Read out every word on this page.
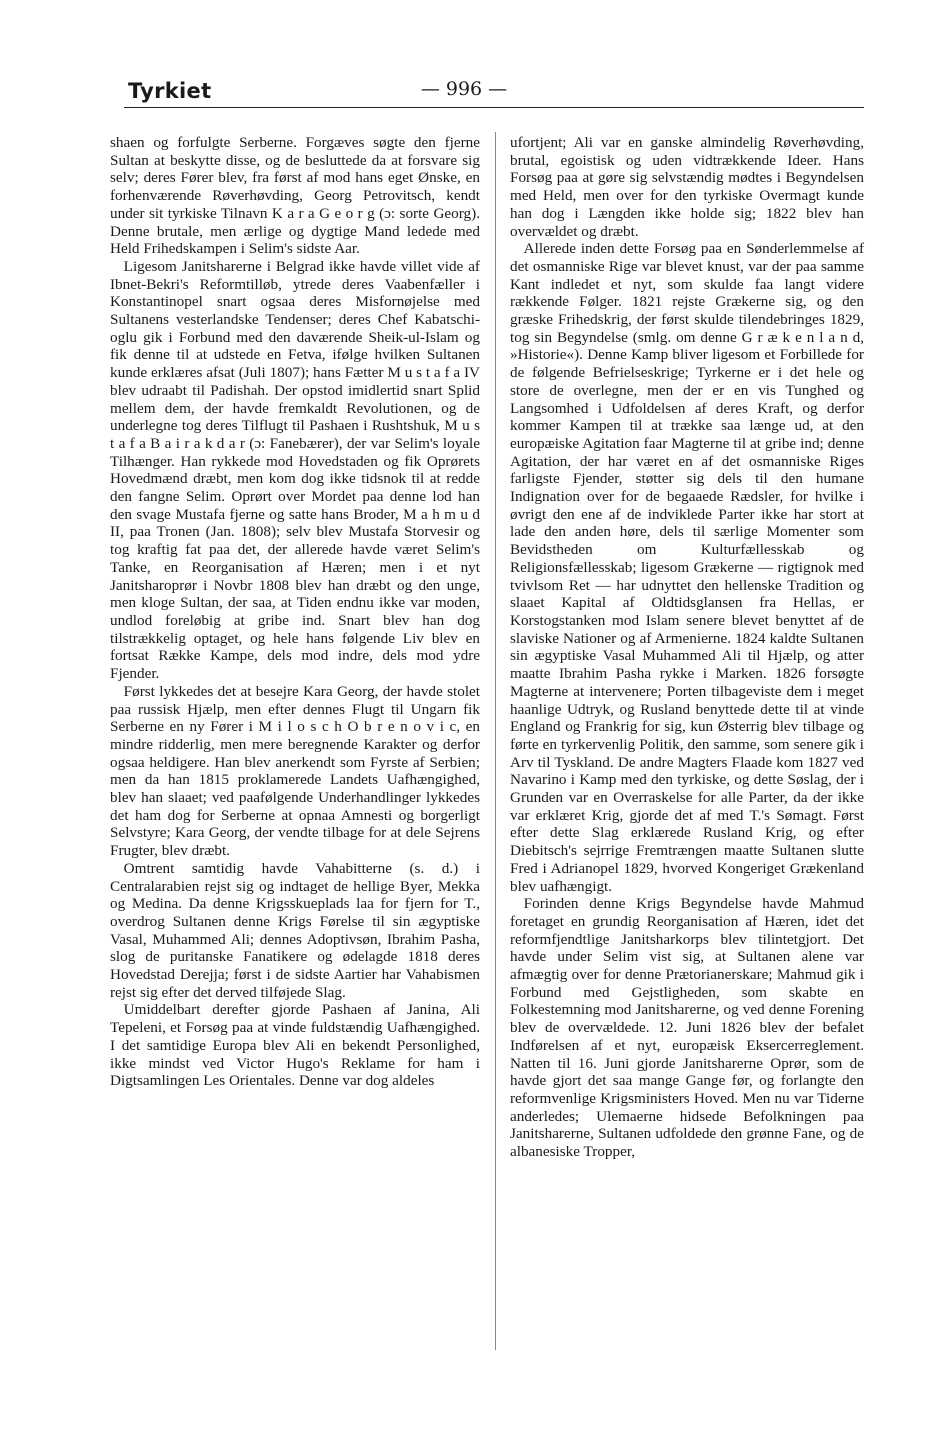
Tyrkiet	— 996 —

shaen og forfulgte Serberne. Forgæves søgte den fjerne Sultan at beskytte disse, og de besluttede da at forsvare sig selv; deres Fører blev, fra først af mod hans eget Ønske, en forhenværende Røverhøvding, Georg Petrovitsch, kendt under sit tyrkiske Tilnavn K a r a G e o r g (ɔ: sorte Georg). Denne brutale, men ærlige og dygtige Mand ledede med Held Frihedskampen i Selim's sidste Aar.

Ligesom Janitsharerne i Belgrad ikke havde villet vide af Ibnet-Bekri's Reformtilløb, ytrede deres Vaabenfæller i Konstantinopel snart ogsaa deres Misfornøjelse med Sultanens vesterlandske Tendenser; deres Chef Kabatschi-oglu gik i Forbund med den daværende Sheik-ul-Islam og fik denne til at udstede en Fetva, ifølge hvilken Sultanen kunde erklæres afsat (Juli 1807); hans Fætter M u s t a f a IV blev udraabt til Padishah. Der opstod imidlertid snart Splid mellem dem, der havde fremkaldt Revolutionen, og de underlegne tog deres Tilflugt til Pashaen i Rushtshuk, M u s t a f a B a i r a k d a r (ɔ: Fanebærer), der var Selim's loyale Tilhænger. Han rykkede mod Hovedstaden og fik Oprørets Hovedmænd dræbt, men kom dog ikke tidsnok til at redde den fangne Selim. Oprørt over Mordet paa denne lod han den svage Mustafa fjerne og satte hans Broder, M a h m u d II, paa Tronen (Jan. 1808); selv blev Mustafa Storvesir og tog kraftig fat paa det, der allerede havde været Selim's Tanke, en Reorganisation af Hæren; men i et nyt Janitsharoprør i Novbr 1808 blev han dræbt og den unge, men kloge Sultan, der saa, at Tiden endnu ikke var moden, undlod foreløbig at gribe ind. Snart blev han dog tilstrækkelig optaget, og hele hans følgende Liv blev en fortsat Række Kampe, dels mod indre, dels mod ydre Fjender.

Først lykkedes det at besejre Kara Georg, der havde stolet paa russisk Hjælp, men efter dennes Flugt til Ungarn fik Serberne en ny Fører i M i l o s c h O b r e n o v i c, en mindre ridderlig, men mere beregnende Karakter og derfor ogsaa heldigere. Han blev anerkendt som Fyrste af Serbien; men da han 1815 proklamerede Landets Uafhængighed, blev han slaaet; ved paafølgende Underhandlinger lykkedes det ham dog for Serberne at opnaa Amnesti og borgerligt Selvstyre; Kara Georg, der vendte tilbage for at dele Sejrens Frugter, blev dræbt.

Omtrent samtidig havde Vahabitterne (s. d.) i Centralarabien rejst sig og indtaget de hellige Byer, Mekka og Medina. Da denne Krigsskueplads laa for fjern for T., overdrog Sultanen denne Krigs Førelse til sin ægyptiske Vasal, Muhammed Ali; dennes Adoptivsøn, Ibrahim Pasha, slog de puritanske Fanatikere og ødelagde 1818 deres Hovedstad Derejja; først i de sidste Aartier har Vahabismen rejst sig efter det derved tilføjede Slag.

Umiddelbart derefter gjorde Pashaen af Janina, Ali Tepeleni, et Forsøg paa at vinde fuldstændig Uafhængighed. I det samtidige Europa blev Ali en bekendt Personlighed, ikke mindst ved Victor Hugo's Reklame for ham i Digtsamlingen Les Orientales. Denne var dog aldeles

ufortjent; Ali var en ganske almindelig Røverhøvding, brutal, egoistisk og uden vidtrækkende Ideer. Hans Forsøg paa at gøre sig selvstændig mødtes i Begyndelsen med Held, men over for den tyrkiske Overmagt kunde han dog i Længden ikke holde sig; 1822 blev han overvældet og dræbt.

Allerede inden dette Forsøg paa en Sønderlemmelse af det osmanniske Rige var blevet knust, var der paa samme Kant indledet et nyt, som skulde faa langt videre rækkende Følger. 1821 rejste Grækerne sig, og den græske Frihedskrig, der først skulde tilendebringes 1829, tog sin Begyndelse (smlg. om denne G r æ k e n l a n d, »Historie«). Denne Kamp bliver ligesom et Forbillede for de følgende Befrielseskrige; Tyrkerne er i det hele og store de overlegne, men der er en vis Tunghed og Langsomhed i Udfoldelsen af deres Kraft, og derfor kommer Kampen til at trække saa længe ud, at den europæiske Agitation faar Magterne til at gribe ind; denne Agitation, der har været en af det osmanniske Riges farligste Fjender, støtter sig dels til den humane Indignation over for de begaaede Rædsler, for hvilke i øvrigt den ene af de indviklede Parter ikke har stort at lade den anden høre, dels til særlige Momenter som Bevidstheden om Kulturfællesskab og Religionsfællesskab; ligesom Grækerne — rigtignok med tvivlsom Ret — har udnyttet den hellenske Tradition og slaaet Kapital af Oldtidsglansen fra Hellas, er Korstogstanken mod Islam senere blevet benyttet af de slaviske Nationer og af Armenierne. 1824 kaldte Sultanen sin ægyptiske Vasal Muhammed Ali til Hjælp, og atter maatte Ibrahim Pasha rykke i Marken. 1826 forsøgte Magterne at intervenere; Porten tilbageviste dem i meget haanlige Udtryk, og Rusland benyttede dette til at vinde England og Frankrig for sig, kun Østerrig blev tilbage og førte en tyrkervenlig Politik, den samme, som senere gik i Arv til Tyskland. De andre Magters Flaade kom 1827 ved Navarino i Kamp med den tyrkiske, og dette Søslag, der i Grunden var en Overraskelse for alle Parter, da der ikke var erklæret Krig, gjorde det af med T.'s Sømagt. Først efter dette Slag erklærede Rusland Krig, og efter Diebitsch's sejrrige Fremtrængen maatte Sultanen slutte Fred i Adrianopel 1829, hvorved Kongeriget Grækenland blev uafhængigt.

Forinden denne Krigs Begyndelse havde Mahmud foretaget en grundig Reorganisation af Hæren, idet det reformfjendtlige Janitsharkorps blev tilintetgjort. Det havde under Selim vist sig, at Sultanen alene var afmægtig over for denne Prætorianerskare; Mahmud gik i Forbund med Gejstligheden, som skabte en Folkestemning mod Janitsharerne, og ved denne Forening blev de overvældede. 12. Juni 1826 blev der befalet Indførelsen af et nyt, europæisk Eksercerreglement. Natten til 16. Juni gjorde Janitsharerne Oprør, som de havde gjort det saa mange Gange før, og forlangte den reformvenlige Krigsministers Hoved. Men nu var Tiderne anderledes; Ulemaerne hidsede Befolkningen paa Janitsharerne, Sultanen udfoldede den grønne Fane, og de albanesiske Tropper,
